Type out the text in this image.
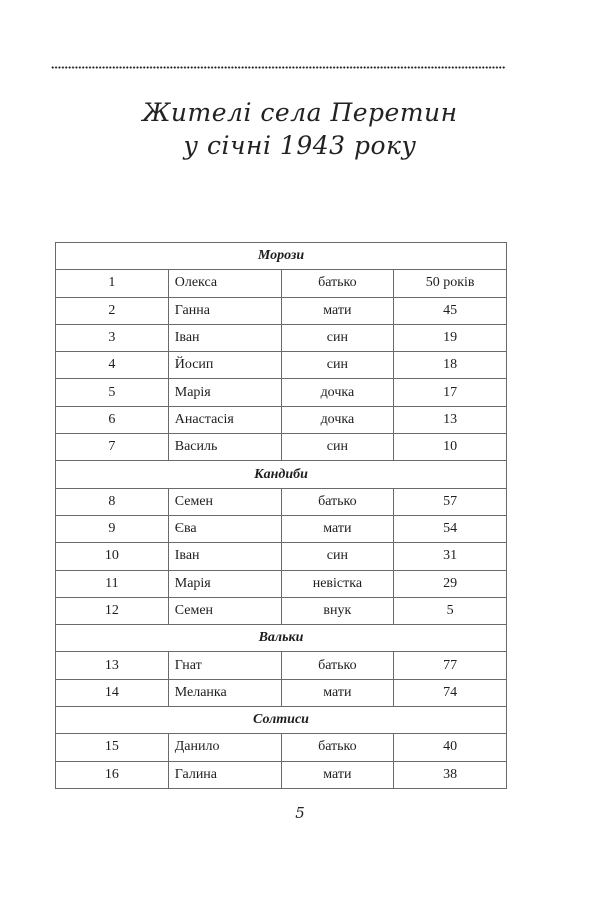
Жителі села Перетин
у січні 1943 року
Морози			
1	Олекса	батько	50 років
2	Ганна	мати	45
3	Іван	син	19
4	Йосип	син	18
5	Марія	дочка	17
6	Анастасія	дочка	13
7	Василь	син	10
Кандиби			
8	Семен	батько	57
9	Єва	мати	54
10	Іван	син	31
11	Марія	невістка	29
12	Семен	внук	5
Вальки			
13	Гнат	батько	77
14	Меланка	мати	74
Солтиси			
15	Данило	батько	40
16	Галина	мати	38
5
